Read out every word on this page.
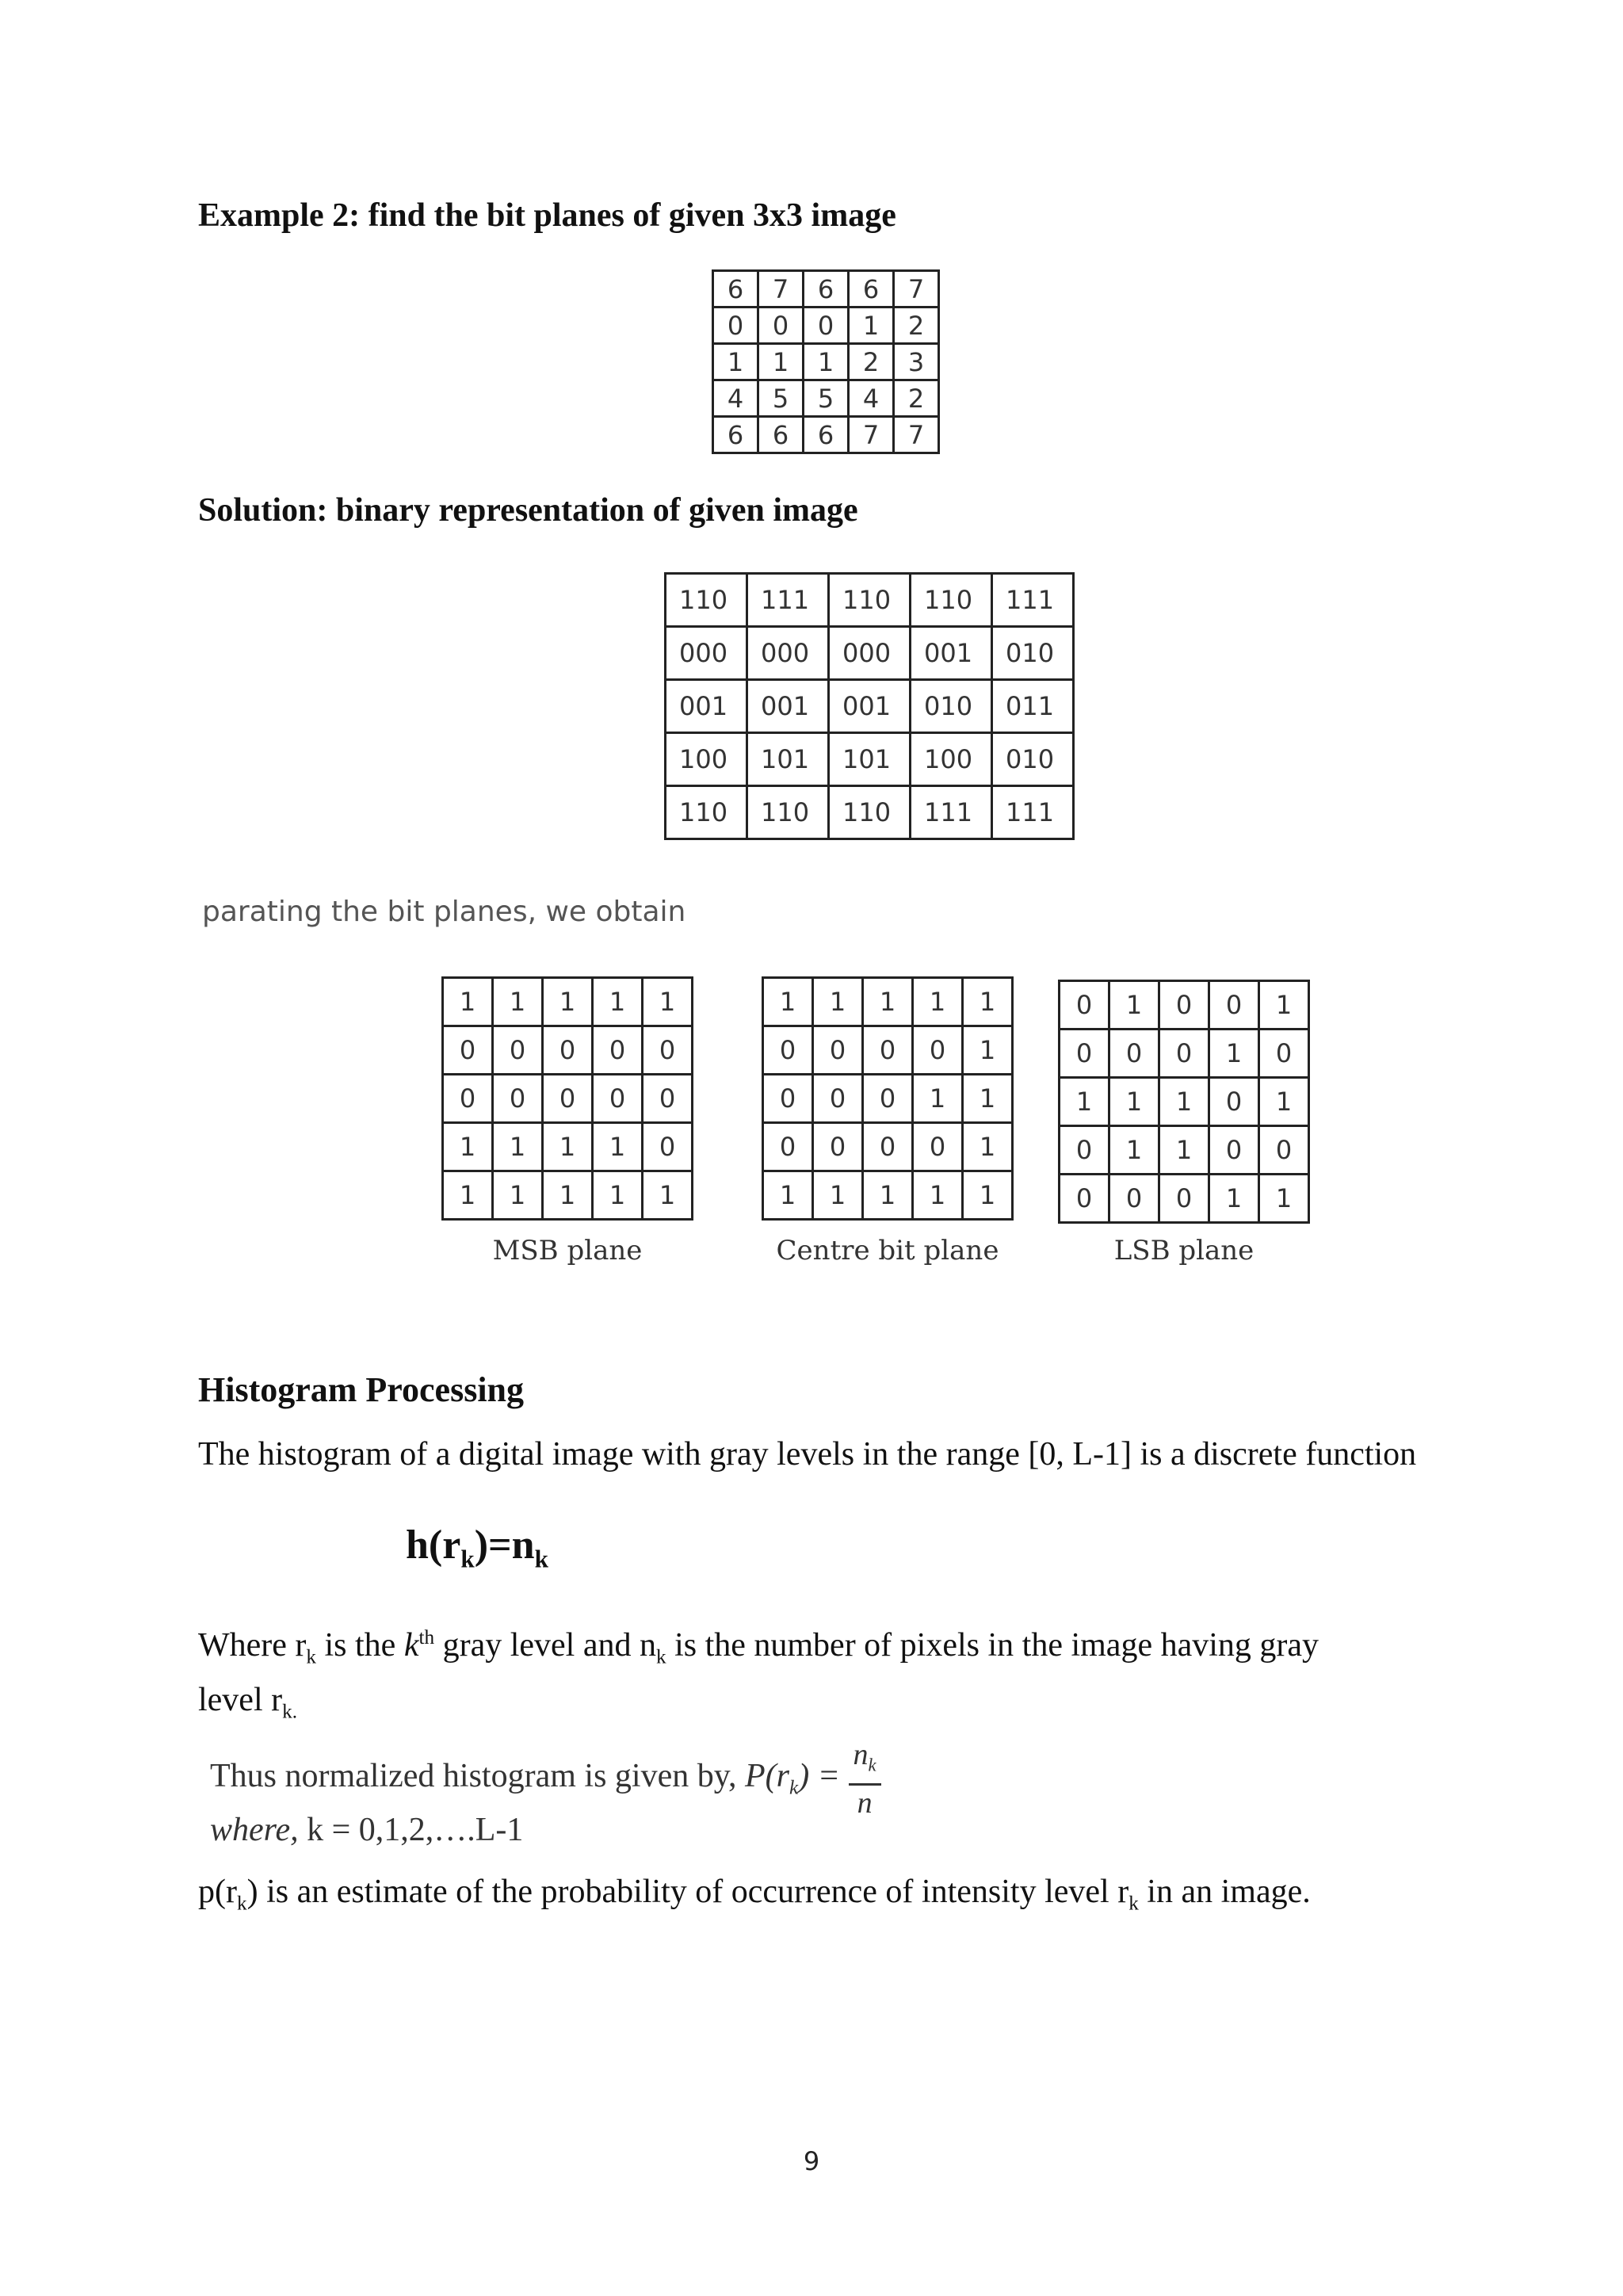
Example 2: find the bit planes of given 3x3 image
6	7	6	6	7
0	0	0	1	2
1	1	1	2	3
4	5	5	4	2
6	6	6	7	7
Solution: binary representation of given image
110	111	110	110	111
000	000	000	001	010
001	001	001	010	011
100	101	101	100	010
110	110	110	111	111
parating the bit planes, we obtain
1	1	1	1	1
0	0	0	0	0
0	0	0	0	0
1	1	1	1	0
1	1	1	1	1
1	1	1	1	1
0	0	0	0	1
0	0	0	1	1
0	0	0	0	1
1	1	1	1	1
0	1	0	0	1
0	0	0	1	0
1	1	1	0	1
0	1	1	0	0
0	0	0	1	1
MSB plane	Centre bit plane	LSB plane
Histogram Processing
The histogram of a digital image with gray levels in the range [0, L-1] is a discrete function
$h(r_k)=n_k$
Where $r_k$ is the $k^{th}$ gray level and $n_k$ is the number of pixels in the image having gray
level $r_{k.}$
Thus normalized histogram is given by, $P(r_k) = \frac{n_k}{n}$
where, k = 0,1,2,….L-1
$p(r_k)$ is an estimate of the probability of occurrence of intensity level $r_k$ in an image.
9
